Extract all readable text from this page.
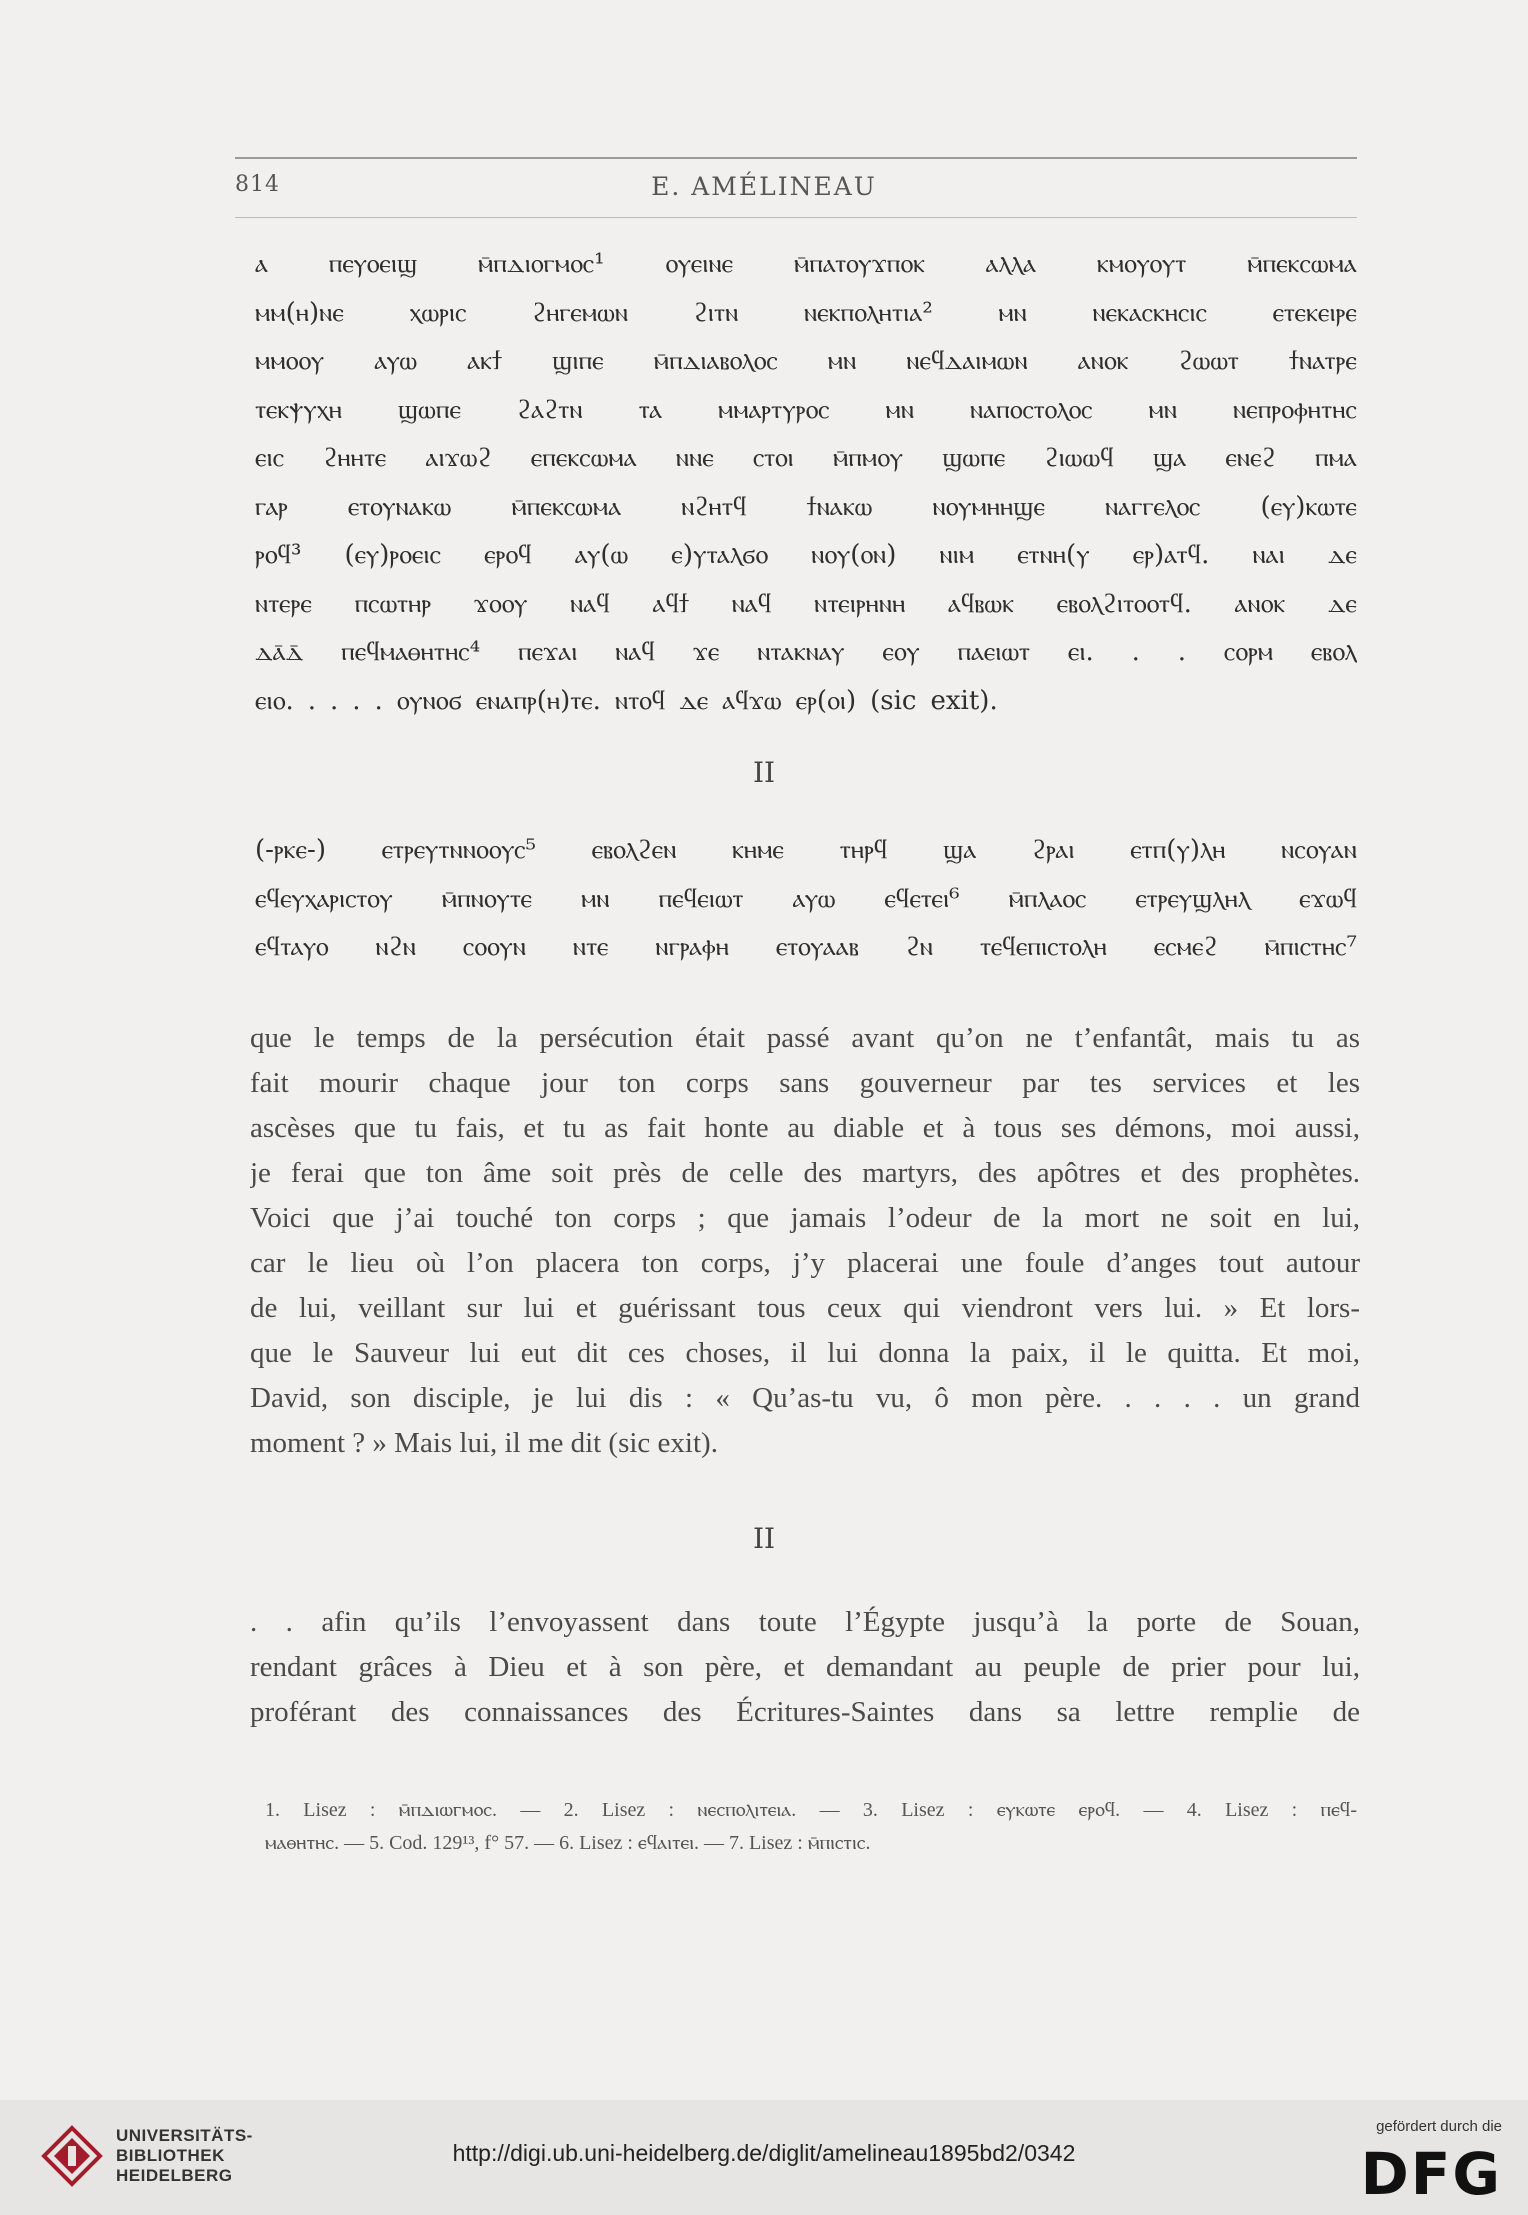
814	E. AMÉLINEAU
ⲁ ⲡⲉⲩⲟⲉⲓϣ ⲙ̄ⲡⲇⲓⲟⲅⲙⲟⲥ¹ ⲟⲩⲉⲓⲛⲉ ⲙ̄ⲡⲁⲧⲟⲩϫⲡⲟⲕ ⲁⲗⲗⲁ ⲕⲙⲟⲩⲟⲩⲧ ⲙ̄ⲡⲉⲕⲥⲱⲙⲁ
ⲙⲙ(ⲏ)ⲛⲉ	ⲭⲱⲣⲓⲥ	ϩⲏⲅⲉⲙⲱⲛ	ϩⲓⲧⲛ	ⲛⲉⲕⲡⲟⲗⲏⲧⲓⲁ²	ⲙⲛ	ⲛⲉⲕⲁⲥⲕⲏⲥⲓⲥ	ⲉⲧⲉⲕⲉⲓⲣⲉ
ⲙⲙⲟⲟⲩ ⲁⲩⲱ ⲁⲕϯ ϣⲓⲡⲉ ⲙ̄ⲡⲇⲓⲁⲃⲟⲗⲟⲥ ⲙⲛ ⲛⲉϥⲇⲁⲓⲙⲱⲛ ⲁⲛⲟⲕ ϩⲱⲱⲧ ϯⲛⲁⲧⲣⲉ
ⲧⲉⲕⲯⲩⲭⲏ ϣⲱⲡⲉ ϩⲁϩⲧⲛ ⲧⲁ ⲙⲙⲁⲣⲧⲩⲣⲟⲥ ⲙⲛ ⲛⲁⲡⲟⲥⲧⲟⲗⲟⲥ ⲙⲛ ⲛⲉⲡⲣⲟⲫⲏⲧⲏⲥ
ⲉⲓⲥ ϩⲏⲏⲧⲉ ⲁⲓϫⲱϩ ⲉⲡⲉⲕⲥⲱⲙⲁ ⲛⲛⲉ ⲥⲧⲟⲓ ⲙ̄ⲡⲙⲟⲩ ϣⲱⲡⲉ ϩⲓⲱⲱϥ ϣⲁ ⲉⲛⲉϩ ⲡⲙⲁ
ⲅⲁⲣ ⲉⲧⲟⲩⲛⲁⲕⲱ ⲙ̄ⲡⲉⲕⲥⲱⲙⲁ ⲛϩⲏⲧϥ ϯⲛⲁⲕⲱ ⲛⲟⲩⲙⲏⲏϣⲉ ⲛⲁⲅⲅⲉⲗⲟⲥ (ⲉⲩ)ⲕⲱⲧⲉ
ⲣⲟϥ³ (ⲉⲩ)ⲣⲟⲉⲓⲥ ⲉⲣⲟϥ ⲁⲩ(ⲱ ⲉ)ⲩⲧⲁⲗϭⲟ ⲛⲟⲩ(ⲟⲛ) ⲛⲓⲙ ⲉⲧⲛⲏ(ⲩ ⲉⲣ)ⲁⲧϥ. ⲛⲁⲓ ⲇⲉ
ⲛⲧⲉⲣⲉ ⲡⲥⲱⲧⲏⲣ ϫⲟⲟⲩ ⲛⲁϥ ⲁϥϯ ⲛⲁϥ ⲛⲧⲉⲓⲣⲏⲛⲏ ⲁϥⲃⲱⲕ ⲉⲃⲟⲗϩⲓⲧⲟⲟⲧϥ. ⲁⲛⲟⲕ ⲇⲉ
ⲇⲁ̄ⲇ̄ ⲡⲉϥⲙⲁⲑⲏⲧⲏⲥ⁴ ⲡⲉϫⲁⲓ ⲛⲁϥ ϫⲉ ⲛⲧⲁⲕⲛⲁⲩ ⲉⲟⲩ ⲡⲁⲉⲓⲱⲧ ⲉⲓ. . . ⲥⲟⲣⲙ ⲉⲃⲟⲗ
ⲉⲓⲟ. . . . . ⲟⲩⲛⲟϭ ⲉⲛⲁⲡⲣ(ⲏ)ⲧⲉ. ⲛⲧⲟϥ ⲇⲉ ⲁϥϫⲱ ⲉⲣ(ⲟⲓ) (sic exit).
II
(-ⲣⲕⲉ-) ⲉⲧⲣⲉⲩⲧⲛⲛⲟⲟⲩⲥ⁵ ⲉⲃⲟⲗϩⲉⲛ ⲕⲏⲙⲉ ⲧⲏⲣϥ ϣⲁ ϩⲣⲁⲓ ⲉⲧⲡ(ⲩ)ⲗⲏ ⲛⲥⲟⲩⲁⲛ
ⲉϥⲉⲩⲭⲁⲣⲓⲥⲧⲟⲩ ⲙ̄ⲡⲛⲟⲩⲧⲉ ⲙⲛ ⲡⲉϥⲉⲓⲱⲧ ⲁⲩⲱ ⲉϥⲉⲧⲉⲓ⁶ ⲙ̄ⲡⲗⲁⲟⲥ ⲉⲧⲣⲉⲩϣⲗⲏⲗ ⲉϫⲱϥ
ⲉϥⲧⲁⲩⲟ ⲛϩⲛ ⲥⲟⲟⲩⲛ ⲛⲧⲉ ⲛⲅⲣⲁⲫⲏ ⲉⲧⲟⲩⲁⲁⲃ ϩⲛ ⲧⲉϥⲉⲡⲓⲥⲧⲟⲗⲏ ⲉⲥⲙⲉϩ ⲙ̄ⲡⲓⲥⲧⲏⲥ⁷
que le temps de la persécution était passé avant qu’on ne t’enfantât, mais tu as
fait mourir chaque jour ton corps sans gouverneur par tes services et les
ascèses que tu fais, et tu as fait honte au diable et à tous ses démons, moi aussi,
je ferai que ton âme soit près de celle des martyrs, des apôtres et des prophètes.
Voici que j’ai touché ton corps ; que jamais l’odeur de la mort ne soit en lui,
car le lieu où l’on placera ton corps, j’y placerai une foule d’anges tout autour
de lui, veillant sur lui et guérissant tous ceux qui viendront vers lui. » Et lors-
que le Sauveur lui eut dit ces choses, il lui donna la paix, il le quitta. Et moi,
David, son disciple, je lui dis : « Qu’as-tu vu, ô mon père. . . . . un grand
moment ? » Mais lui, il me dit (sic exit).
II
. . afin qu’ils l’envoyassent dans toute l’Égypte jusqu’à la porte de Souan,
rendant grâces à Dieu et à son père, et demandant au peuple de prier pour lui,
proférant des connaissances des Écritures-Saintes dans sa lettre remplie de
1. Lisez : ⲙ̄ⲡⲇⲓⲱⲅⲙⲟⲥ. — 2. Lisez : ⲛⲉⲥⲡⲟⲗⲓⲧⲉⲓⲁ. — 3. Lisez : ⲉⲩⲕⲱⲧⲉ ⲉⲣⲟϥ. — 4. Lisez : ⲡⲉϥ-
ⲙⲁⲑⲏⲧⲏⲥ. — 5. Cod. 129¹³, f° 57. — 6. Lisez : ⲉϥⲁⲓⲧⲉⲓ. — 7. Lisez : ⲙ̄ⲡⲓⲥⲧⲓⲥ.
UNIVERSITÄTS-
BIBLIOTHEK
HEIDELBERG
http://digi.ub.uni-heidelberg.de/diglit/amelineau1895bd2/0342
gefördert durch die
DFG
